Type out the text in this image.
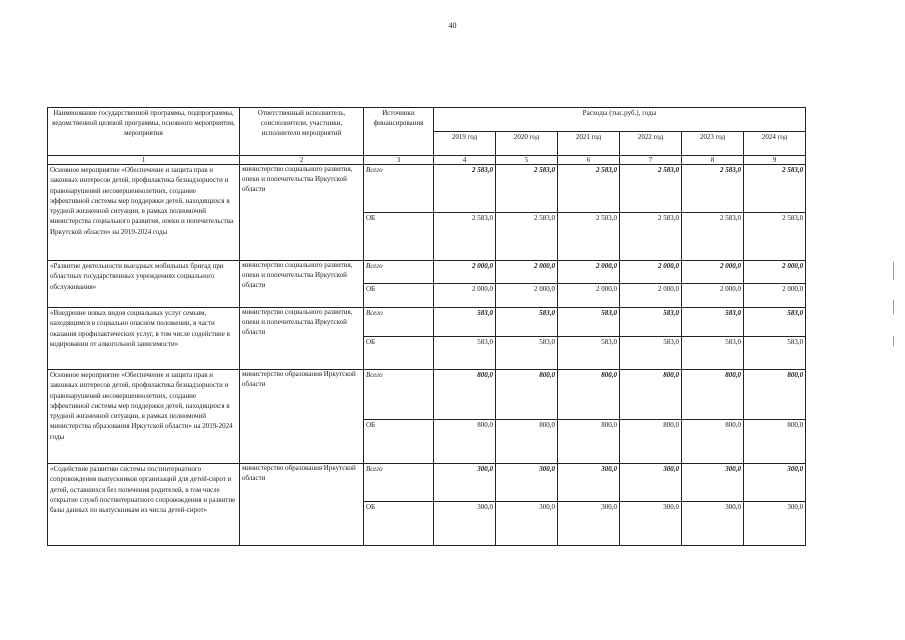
40
Наименование государственной программы, подпрограммы, ведомственной целевой программы, основного мероприятия, мероприятия	Ответственный исполнитель, соисполнители, участники, исполнители мероприятий	Источники финансирования	Расходы (тыс.руб.), годы					
			2019 год	2020 год	2021 год	2022 год	2023 год	2024 год
1	2	3	4	5	6	7	8	9
Основное мероприятие «Обеспечение и защита прав и законных интересов детей, профилактика безнадзорности и правонарушений несовершеннолетних, создание эффективной системы мер поддержки детей, находящихся в трудной жизненной ситуации, в рамках полномочий министерства социального развития, опеки и попечительства Иркутской области» на 2019-2024 годы	министерство социального развития, опеки и попечительства Иркутской области	Всего	2 583,0	2 583,0	2 583,0	2 583,0	2 583,0	2 583,0
		ОБ	2 583,0	2 583,0	2 583,0	2 583,0	2 583,0	2 583,0
«Развитие деятельности выездных мобильных бригад при областных государственных учреждениях социального обслуживания»	министерство социального развития, опеки и попечительства Иркутской области	Всего	2 000,0	2 000,0	2 000,0	2 000,0	2 000,0	2 000,0
		ОБ	2 000,0	2 000,0	2 000,0	2 000,0	2 000,0	2 000,0
«Внедрение новых видов социальных услуг семьям, находящимся в социально опасном положении, в части оказания профилактических услуг, в том числе содействие в кодировании от алкогольной зависимости»	министерство социального развития, опеки и попечительства Иркутской области	Всего	583,0	583,0	583,0	583,0	583,0	583,0
		ОБ	583,0	583,0	583,0	583,0	583,0	583,0
Основное мероприятие «Обеспечение и защита прав и законных интересов детей, профилактика безнадзорности и правонарушений несовершеннолетних, создание эффективной системы мер поддержки детей, находящихся в трудной жизненной ситуации, в рамках полномочий министерства образования Иркутской области» на 2019-2024 годы	министерство образования Иркутской области	Всего	800,0	800,0	800,0	800,0	800,0	800,0
		ОБ	800,0	800,0	800,0	800,0	800,0	800,0
«Содействие развитию системы постинтернатного сопровождения выпускников организаций для детей-сирот и детей, оставшихся без попечения родителей, в том числе открытие служб постинтернатного сопровождения и развитие базы данных по выпускникам из числа детей-сирот»	министерство образования Иркутской области	Всего	300,0	300,0	300,0	300,0	300,0	300,0
		ОБ	300,0	300,0	300,0	300,0	300,0	300,0
